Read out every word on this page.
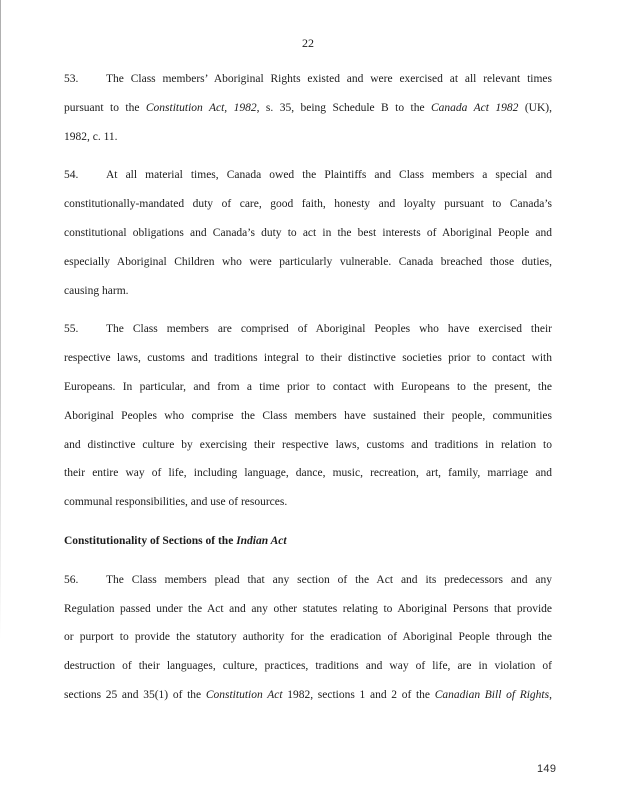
22
53.	The Class members’ Aboriginal Rights existed and were exercised at all relevant times
pursuant to the Constitution Act, 1982, s. 35, being Schedule B to the Canada Act 1982 (UK),
1982, c. 11.
54.	At all material times, Canada owed the Plaintiffs and Class members a special and
constitutionally-mandated duty of care, good faith, honesty and loyalty pursuant to Canada’s
constitutional obligations and Canada’s duty to act in the best interests of Aboriginal People and
especially Aboriginal Children who were particularly vulnerable. Canada breached those duties,
causing harm.
55.	The Class members are comprised of Aboriginal Peoples who have exercised their
respective laws, customs and traditions integral to their distinctive societies prior to contact with
Europeans. In particular, and from a time prior to contact with Europeans to the present, the
Aboriginal Peoples who comprise the Class members have sustained their people, communities
and distinctive culture by exercising their respective laws, customs and traditions in relation to
their entire way of life, including language, dance, music, recreation, art, family, marriage and
communal responsibilities, and use of resources.
Constitutionality of Sections of the Indian Act
56.	The Class members plead that any section of the Act and its predecessors and any
Regulation passed under the Act and any other statutes relating to Aboriginal Persons that provide
or purport to provide the statutory authority for the eradication of Aboriginal People through the
destruction of their languages, culture, practices, traditions and way of life, are in violation of
sections 25 and 35(1) of the Constitution Act 1982, sections 1 and 2 of the Canadian Bill of Rights,
149
